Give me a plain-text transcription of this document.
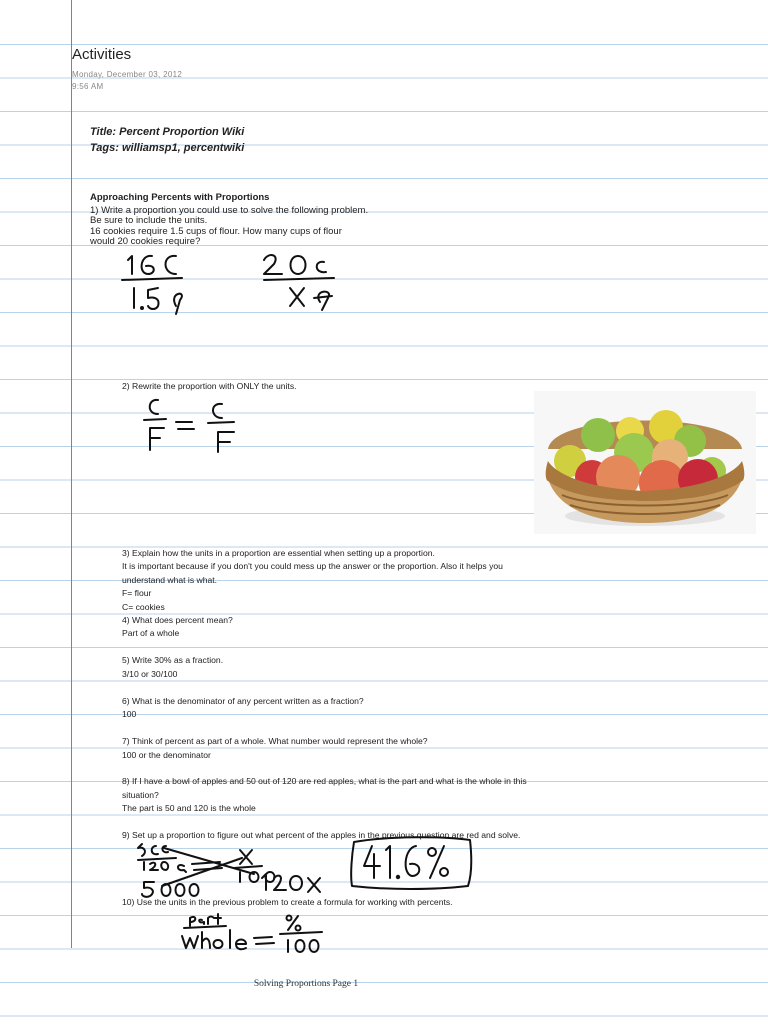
Activities
Monday, December 03, 2012
9:56 AM
Title: Percent Proportion Wiki
Tags: williamsp1, percentwiki
Approaching Percents with Proportions
1) Write a proportion you could use to solve the following problem.
Be sure to include the units.
16 cookies require 1.5 cups of flour. How many cups of flour
would 20 cookies require?
2) Rewrite the proportion with ONLY the units.
3) Explain how the units in a proportion are essential when setting up a proportion.
It is important because if you don't you could mess up the answer or the proportion. Also it helps you
understand what is what.
F= flour
C= cookies
4) What does percent mean?
Part of a whole
5) Write 30% as a fraction.
3/10 or 30/100
6) What is the denominator of any percent written as a fraction?
100
7) Think of percent as part of a whole. What number would represent the whole?
100 or the denominator
8) If I have a bowl of apples and 50 out of 120 are red apples, what is the part and what is the whole in this
situation?
The part is 50 and 120 is the whole
9) Set up a proportion to figure out what percent of the apples in the previous question are red and solve.
10) Use the units in the previous problem to create a formula for working with percents.
Solving Proportions Page 1
